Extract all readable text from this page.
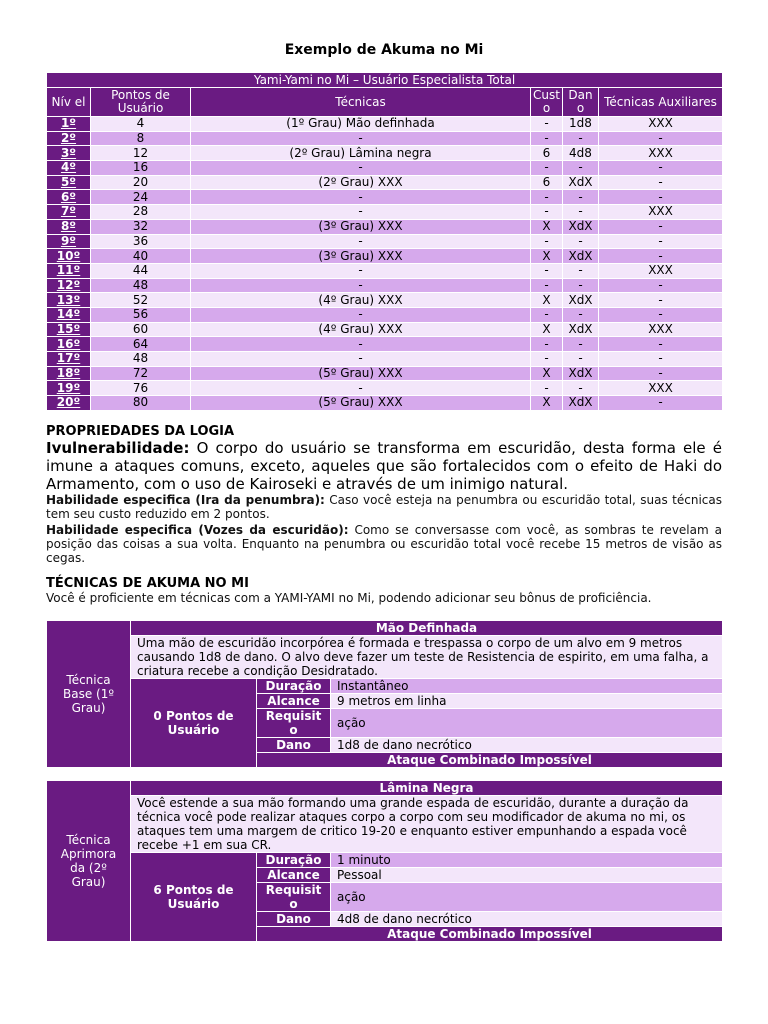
Exemplo de Akuma no Mi
Yami-Yami no Mi – Usuário Especialista Total					
Nív el	Pontos de Usuário	Técnicas	Cust o	Dan o	Técnicas Auxiliares
1º	4	(1º Grau) Mão definhada	-	1d8	XXX
2º	8	-	-	-	-
3º	12	(2º Grau) Lâmina negra	6	4d8	XXX
4º	16	-	-	-	-
5º	20	(2º Grau) XXX	6	XdX	-
6º	24	-	-	-	-
7º	28	-	-	-	XXX
8º	32	(3º Grau) XXX	X	XdX	-
9º	36	-	-	-	-
10º	40	(3º Grau) XXX	X	XdX	-
11º	44	-	-	-	XXX
12º	48	-	-	-	-
13º	52	(4º Grau) XXX	X	XdX	-
14º	56	-	-	-	-
15º	60	(4º Grau) XXX	X	XdX	XXX
16º	64	-	-	-	-
17º	48	-	-	-	-
18º	72	(5º Grau) XXX	X	XdX	-
19º	76	-	-	-	XXX
20º	80	(5º Grau) XXX	X	XdX	-
PROPRIEDADES DA LOGIA
Ivulnerabilidade: O corpo do usuário se transforma em escuridão, desta forma ele é imune a ataques comuns, exceto, aqueles que são fortalecidos com o efeito de Haki do Armamento, com o uso de Kairoseki e através de um inimigo natural.
Habilidade especifica (Ira da penumbra): Caso você esteja na penumbra ou escuridão total, suas técnicas tem seu custo reduzido em 2 pontos.
Habilidade especifica (Vozes da escuridão): Como se conversasse com você, as sombras te revelam a posição das coisas a sua volta. Enquanto na penumbra ou escuridão total você recebe 15 metros de visão as cegas.
TÉCNICAS DE AKUMA NO MI
Você é proficiente em técnicas com a YAMI-YAMI no Mi, podendo adicionar seu bônus de proficiência.
Técnica Base (1º Grau)	Mão Definhada		
	Uma mão de escuridão incorpórea é formada e trespassa o corpo de um alvo em 9 metros causando 1d8 de dano. O alvo deve fazer um teste de Resistencia de espirito, em uma falha, a criatura recebe a condição Desidratado.		
	0 Pontos de Usuário	Duração	Instantâneo
		Alcance	9 metros em linha
		Requisit o	ação
		Dano	1d8 de dano necrótico
		Ataque Combinado Impossível	
Técnica Aprimora da (2º Grau)	Lâmina Negra		
	Você estende a sua mão formando uma grande espada de escuridão, durante a duração da técnica você pode realizar ataques corpo a corpo com seu modificador de akuma no mi, os ataques tem uma margem de critico 19-20 e enquanto estiver empunhando a espada você recebe +1 em sua CR.		
	6 Pontos de Usuário	Duração	1 minuto
		Alcance	Pessoal
		Requisit o	ação
		Dano	4d8 de dano necrótico
		Ataque Combinado Impossível	
